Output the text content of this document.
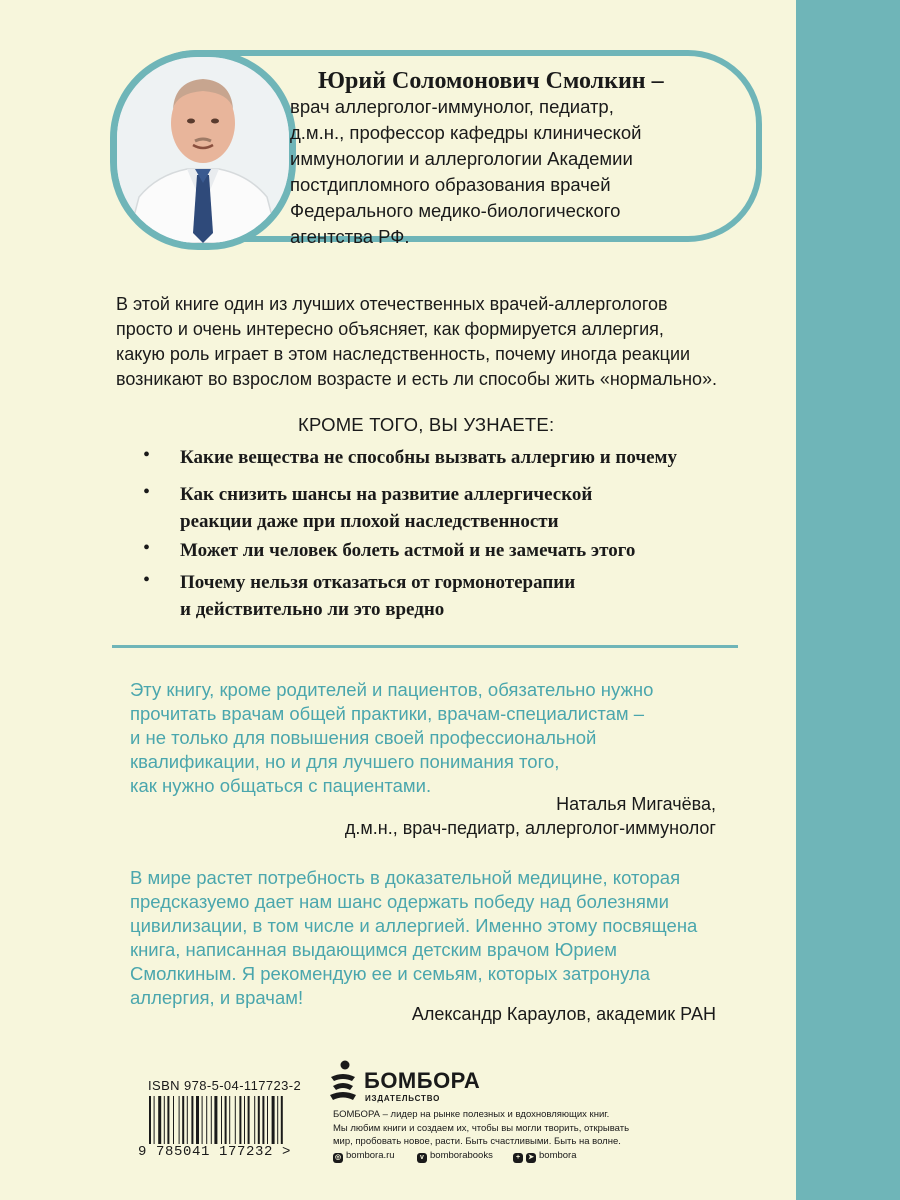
Юрий Соломонович Смолкин –
врач аллерголог-иммунолог, педиатр,
д.м.н., профессор кафедры клинической
иммунологии и аллергологии Академии
постдипломного образования врачей
Федерального медико-биологического
агентства РФ.
В этой книге один из лучших отечественных врачей-аллергологов
просто и очень интересно объясняет, как формируется аллергия,
какую роль играет в этом наследственность, почему иногда реакции
возникают во взрослом возрасте и есть ли способы жить «нормально».
КРОМЕ ТОГО, ВЫ УЗНАЕТЕ:
• Какие вещества не способны вызвать аллергию и почему
• Как снизить шансы на развитие аллергической
реакции даже при плохой наследственности
• Может ли человек болеть астмой и не замечать этого
• Почему нельзя отказаться от гормонотерапии
и действительно ли это вредно
Эту книгу, кроме родителей и пациентов, обязательно нужно
прочитать врачам общей практики, врачам-специалистам –
и не только для повышения своей профессиональной
квалификации, но и для лучшего понимания того,
как нужно общаться с пациентами.
Наталья Мигачёва,
д.м.н., врач-педиатр, аллерголог-иммунолог
В мире растет потребность в доказательной медицине, которая
предсказуемо дает нам шанс одержать победу над болезнями
цивилизации, в том числе и аллергией. Именно этому посвящена
книга, написанная выдающимся детским врачом Юрием
Смолкиным. Я рекомендую ее и семьям, которых затронула
аллергия, и врачам!
Александр Караулов, академик РАН
ISBN 978-5-04-117723-2
9 785041 177232 >
БОМБОРА
ИЗДАТЕЛЬСТВО
БОМБОРА – лидер на рынке полезных и вдохновляющих книг.
Мы любим книги и создаем их, чтобы вы могли творить, открывать
мир, пробовать новое, расти. Быть счастливыми. Быть на волне.
◎ bombora.ru	v bomborabooks	+ ➤ bombora
